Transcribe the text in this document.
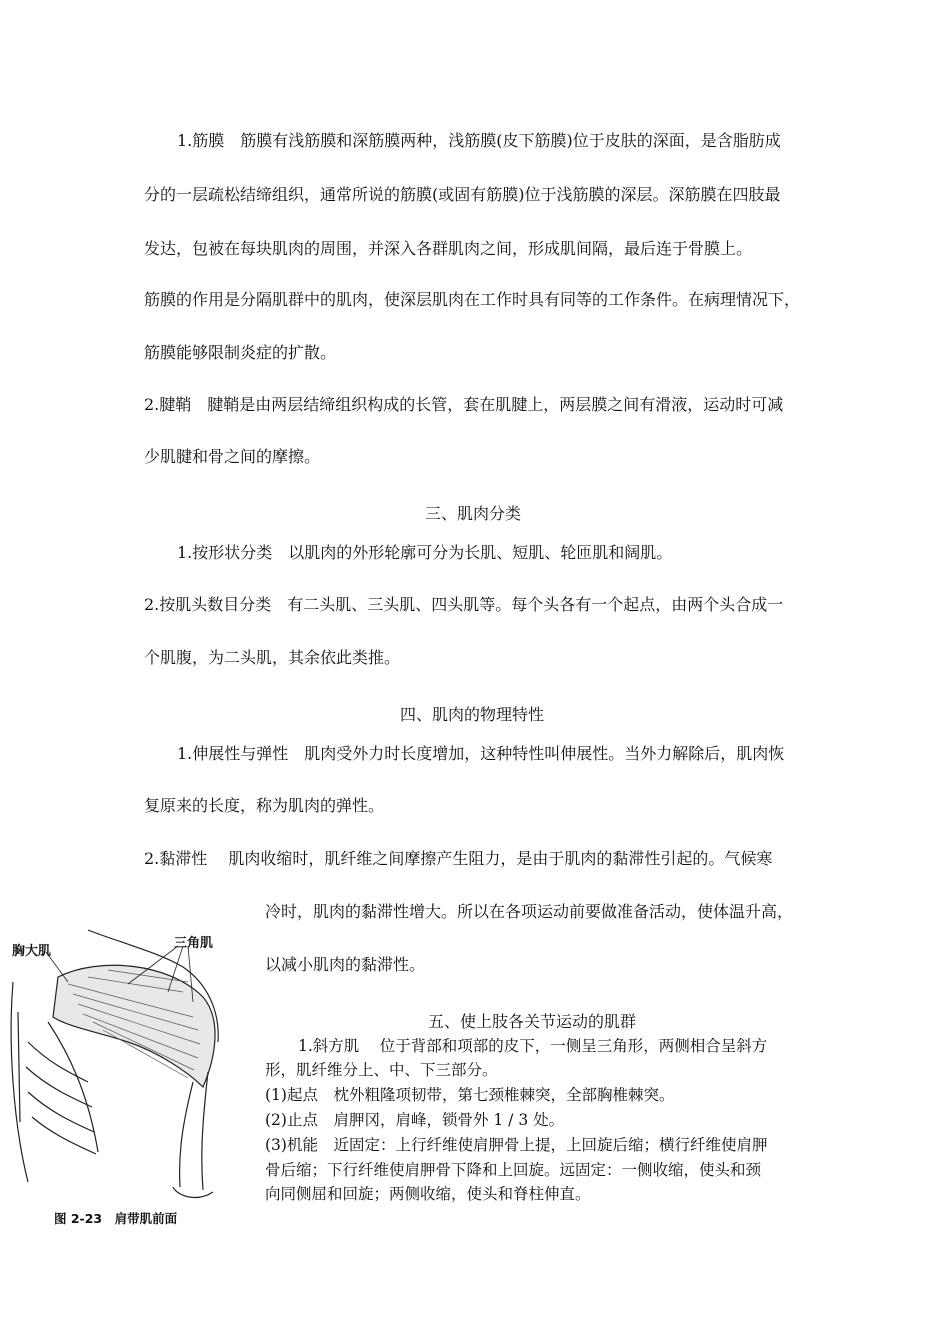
1.筋膜　筋膜有浅筋膜和深筋膜两种，浅筋膜(皮下筋膜)位于皮肤的深面，是含脂肪成
分的一层疏松结缔组织，通常所说的筋膜(或固有筋膜)位于浅筋膜的深层。深筋膜在四肢最
发达，包被在每块肌肉的周围，并深入各群肌肉之间，形成肌间隔，最后连于骨膜上。
筋膜的作用是分隔肌群中的肌肉，使深层肌肉在工作时具有同等的工作条件。在病理情况下，
筋膜能够限制炎症的扩散。
2.腱鞘　腱鞘是由两层结缔组织构成的长管，套在肌腱上，两层膜之间有滑液，运动时可减
少肌腱和骨之间的摩擦。
三、肌肉分类
1.按形状分类　以肌肉的外形轮廓可分为长肌、短肌、轮匝肌和阔肌。
2.按肌头数目分类　有二头肌、三头肌、四头肌等。每个头各有一个起点，由两个头合成一
个肌腹，为二头肌，其余依此类推。
四、肌肉的物理特性
1.伸展性与弹性　肌肉受外力时长度增加，这种特性叫伸展性。当外力解除后，肌肉恢
复原来的长度，称为肌肉的弹性。
2.黏滞性　 肌肉收缩时，肌纤维之间摩擦产生阻力，是由于肌肉的黏滞性引起的。气候寒
冷时，肌肉的黏滞性增大。所以在各项运动前要做准备活动，使体温升高，
以减小肌肉的黏滞性。
五、使上肢各关节运动的肌群
1.斜方肌　 位于背部和项部的皮下，一侧呈三角形，两侧相合呈斜方
形，肌纤维分上、中、下三部分。
(1)起点　枕外粗隆项韧带，第七颈椎棘突，全部胸椎棘突。
(2)止点　肩胛冈，肩峰，锁骨外 1 / 3 处。
(3)机能　近固定：上行纤维使肩胛骨上提，上回旋后缩；横行纤维使肩胛
骨后缩；下行纤维使肩胛骨下降和上回旋。远固定：一侧收缩，使头和颈
向同侧屈和回旋；两侧收缩，使头和脊柱伸直。
胸大肌
三角肌
图 2-23　肩带肌前面
